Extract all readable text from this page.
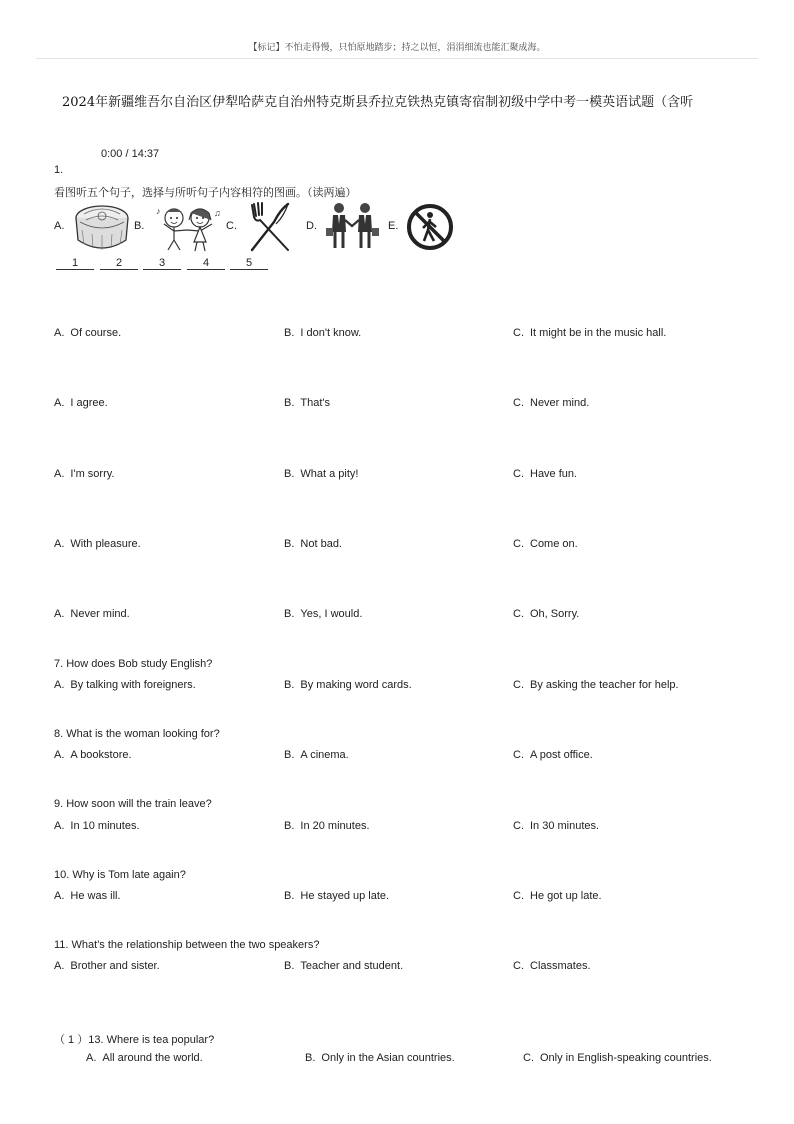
【标记】不怕走得慢，只怕原地踏步；持之以恒，涓涓细流也能汇聚成海。
2024年新疆维吾尔自治区伊犁哈萨克自治州特克斯县乔拉克铁热克镇寄宿制初级中学中考一模英语试题（含听
0:00 / 14:37
1.
看图听五个句子，选择与所听句子内容相符的图画。（读两遍）
A.	B.	C.	D.	E.
♪	♫
1	2	3	4	5
A. Of course.	B. I don't know.	C. It might be in the music hall.
A. I agree.	B. That's	C. Never mind.
A. I'm sorry.	B. What a pity!	C. Have fun.
A. With pleasure.	B. Not bad.	C. Come on.
A. Never mind.	B. Yes, I would.	C. Oh, Sorry.
7. How does Bob study English?
A. By talking with foreigners.	B. By making word cards.	C. By asking the teacher for help.
8. What is the woman looking for?
A. A bookstore.	B. A cinema.	C. A post office.
9. How soon will the train leave?
A. In 10 minutes.	B. In 20 minutes.	C. In 30 minutes.
10. Why is Tom late again?
A. He was ill.	B. He stayed up late.	C. He got up late.
11. What's the relationship between the two speakers?
A. Brother and sister.	B. Teacher and student.	C. Classmates.
（ 1 ）13. Where is tea popular?
A. All around the world.	B. Only in the Asian countries.	C. Only in English-speaking countries.
